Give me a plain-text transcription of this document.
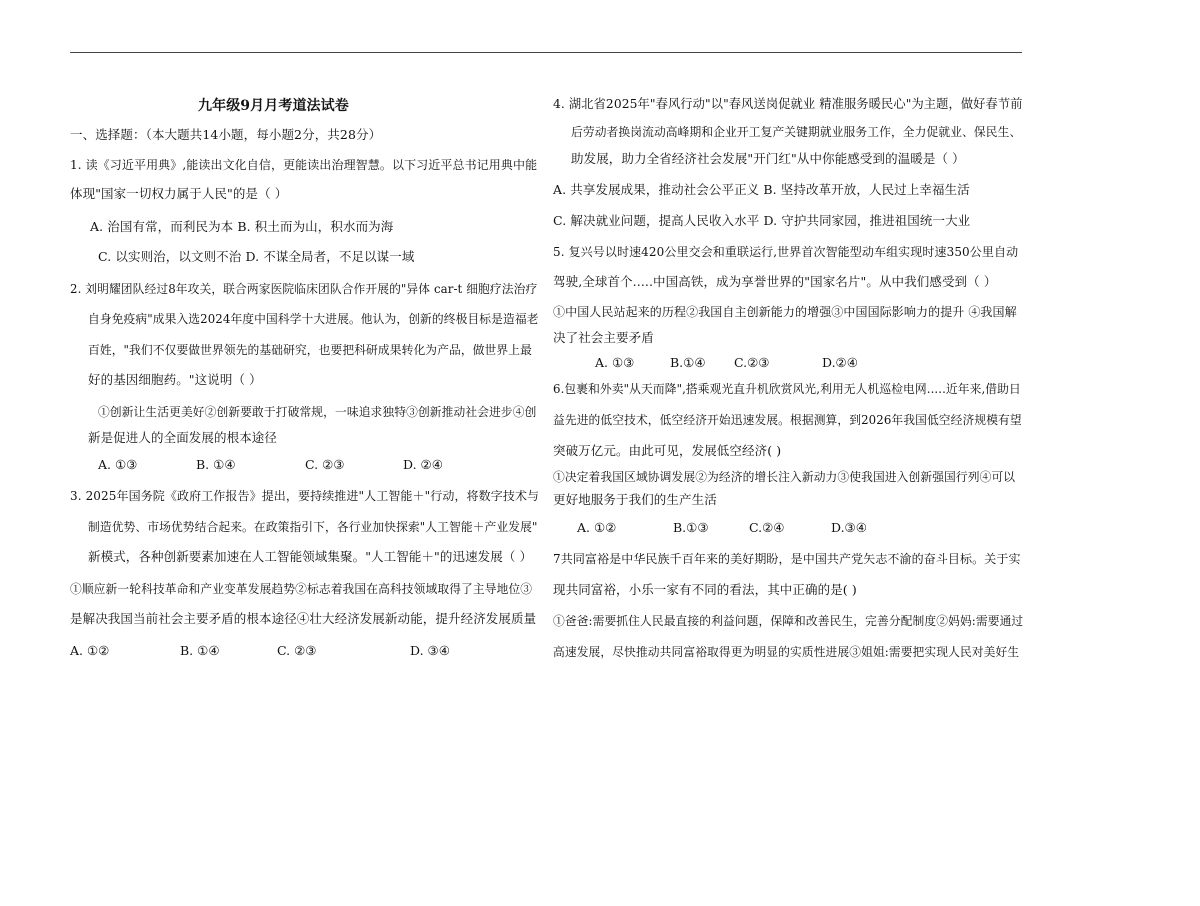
九年级9月月考道法试卷
一、选择题：（本大题共14小题，每小题2分，共28分）
1. 读《习近平用典》,能读出文化自信，更能读出治理智慧。以下习近平总书记用典中能
体现"国家一切权力属于人民"的是（ ）
A. 治国有常，而利民为本 B. 积土而为山，积水而为海
C. 以实则治，以文则不治 D. 不谋全局者，不足以谋一域
2. 刘明耀团队经过8年攻关，联合两家医院临床团队合作开展的"异体 car-t 细胞疗法治疗
自身免疫病"成果入选2024年度中国科学十大进展。他认为，创新的终极目标是造福老
百姓，"我们不仅要做世界领先的基础研究，也要把科研成果转化为产品，做世界上最
好的基因细胞药。"这说明（ ）
①创新让生活更美好②创新要敢于打破常规，一味追求独特③创新推动社会进步④创
新是促进人的全面发展的根本途径
A. ①③	B. ①④	C. ②③	D. ②④
3. 2025年国务院《政府工作报告》提出，要持续推进"人工智能＋"行动，将数字技术与
制造优势、市场优势结合起来。在政策指引下，各行业加快探索"人工智能＋产业发展"
新模式，各种创新要素加速在人工智能领域集聚。"人工智能＋"的迅速发展（ ）
①顺应新一轮科技革命和产业变革发展趋势②标志着我国在高科技领域取得了主导地位③
是解决我国当前社会主要矛盾的根本途径④壮大经济发展新动能，提升经济发展质量
A. ①②	B. ①④	C. ②③	D. ③④
4. 湖北省2025年"春风行动"以"春风送岗促就业 精准服务暖民心"为主题，做好春节前
后劳动者换岗流动高峰期和企业开工复产关键期就业服务工作，全力促就业、保民生、
助发展，助力全省经济社会发展"开门红"从中你能感受到的温暖是（ ）
A. 共享发展成果，推动社会公平正义 B. 坚持改革开放，人民过上幸福生活
C. 解决就业问题，提高人民收入水平 D. 守护共同家园，推进祖国统一大业
5. 复兴号以时速420公里交会和重联运行,世界首次智能型动车组实现时速350公里自动
驾驶,全球首个.....中国高铁，成为享誉世界的"国家名片"。从中我们感受到（ ）
①中国人民站起来的历程②我国自主创新能力的增强③中国国际影响力的提升 ④我国解
决了社会主要矛盾
A. ①③	B.①④ C.②③	D.②④
6.包裹和外卖"从天而降",搭乘观光直升机欣赏风光,利用无人机巡检电网.....近年来,借助日
益先进的低空技术，低空经济开始迅速发展。根据测算，到2026年我国低空经济规模有望
突破万亿元。由此可见，发展低空经济( )
①决定着我国区域协调发展②为经济的增长注入新动力③使我国进入创新强国行列④可以
更好地服务于我们的生产生活
A. ①②	B.①③	C.②④	D.③④
7共同富裕是中华民族千百年来的美好期盼，是中国共产党矢志不渝的奋斗目标。关于实
现共同富裕，小乐一家有不同的看法，其中正确的是( )
①爸爸:需要抓住人民最直接的利益问题，保障和改善民生，完善分配制度②妈妈:需要通过
高速发展，尽快推动共同富裕取得更为明显的实质性进展③姐姐:需要把实现人民对美好生
